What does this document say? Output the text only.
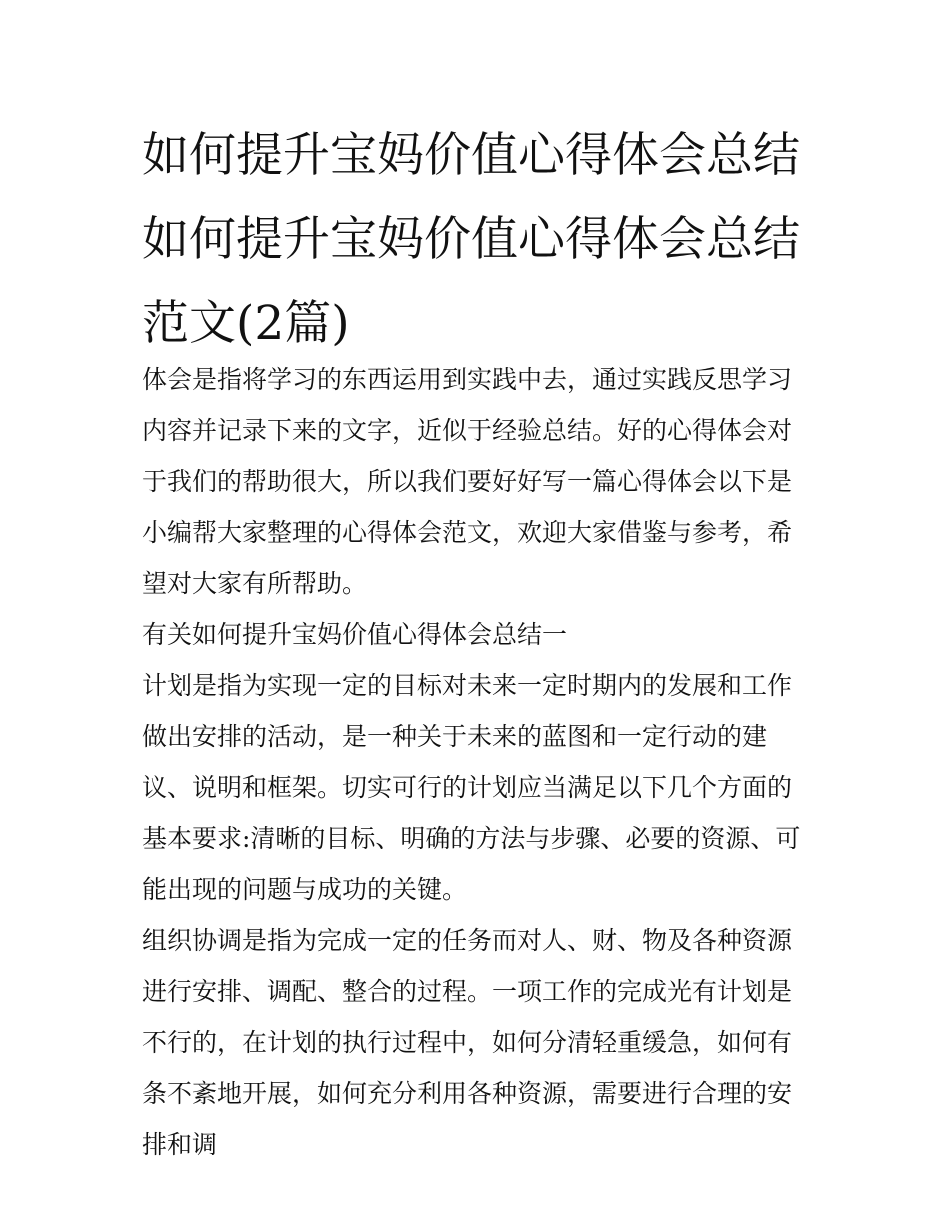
如何提升宝妈价值心得体会总结 如何提升宝妈价值心得体会总结范文(2篇)

体会是指将学习的东西运用到实践中去，通过实践反思学习内容并记录下来的文字，近似于经验总结。好的心得体会对于我们的帮助很大，所以我们要好好写一篇心得体会以下是小编帮大家整理的心得体会范文，欢迎大家借鉴与参考，希望对大家有所帮助。

有关如何提升宝妈价值心得体会总结一

计划是指为实现一定的目标对未来一定时期内的发展和工作做出安排的活动，是一种关于未来的蓝图和一定行动的建议、说明和框架。切实可行的计划应当满足以下几个方面的基本要求:清晰的目标、明确的方法与步骤、必要的资源、可能出现的问题与成功的关键。

组织协调是指为完成一定的任务而对人、财、物及各种资源进行安排、调配、整合的过程。一项工作的完成光有计划是不行的，在计划的执行过程中，如何分清轻重缓急，如何有条不紊地开展，如何充分利用各种资源，需要进行合理的安排和调
